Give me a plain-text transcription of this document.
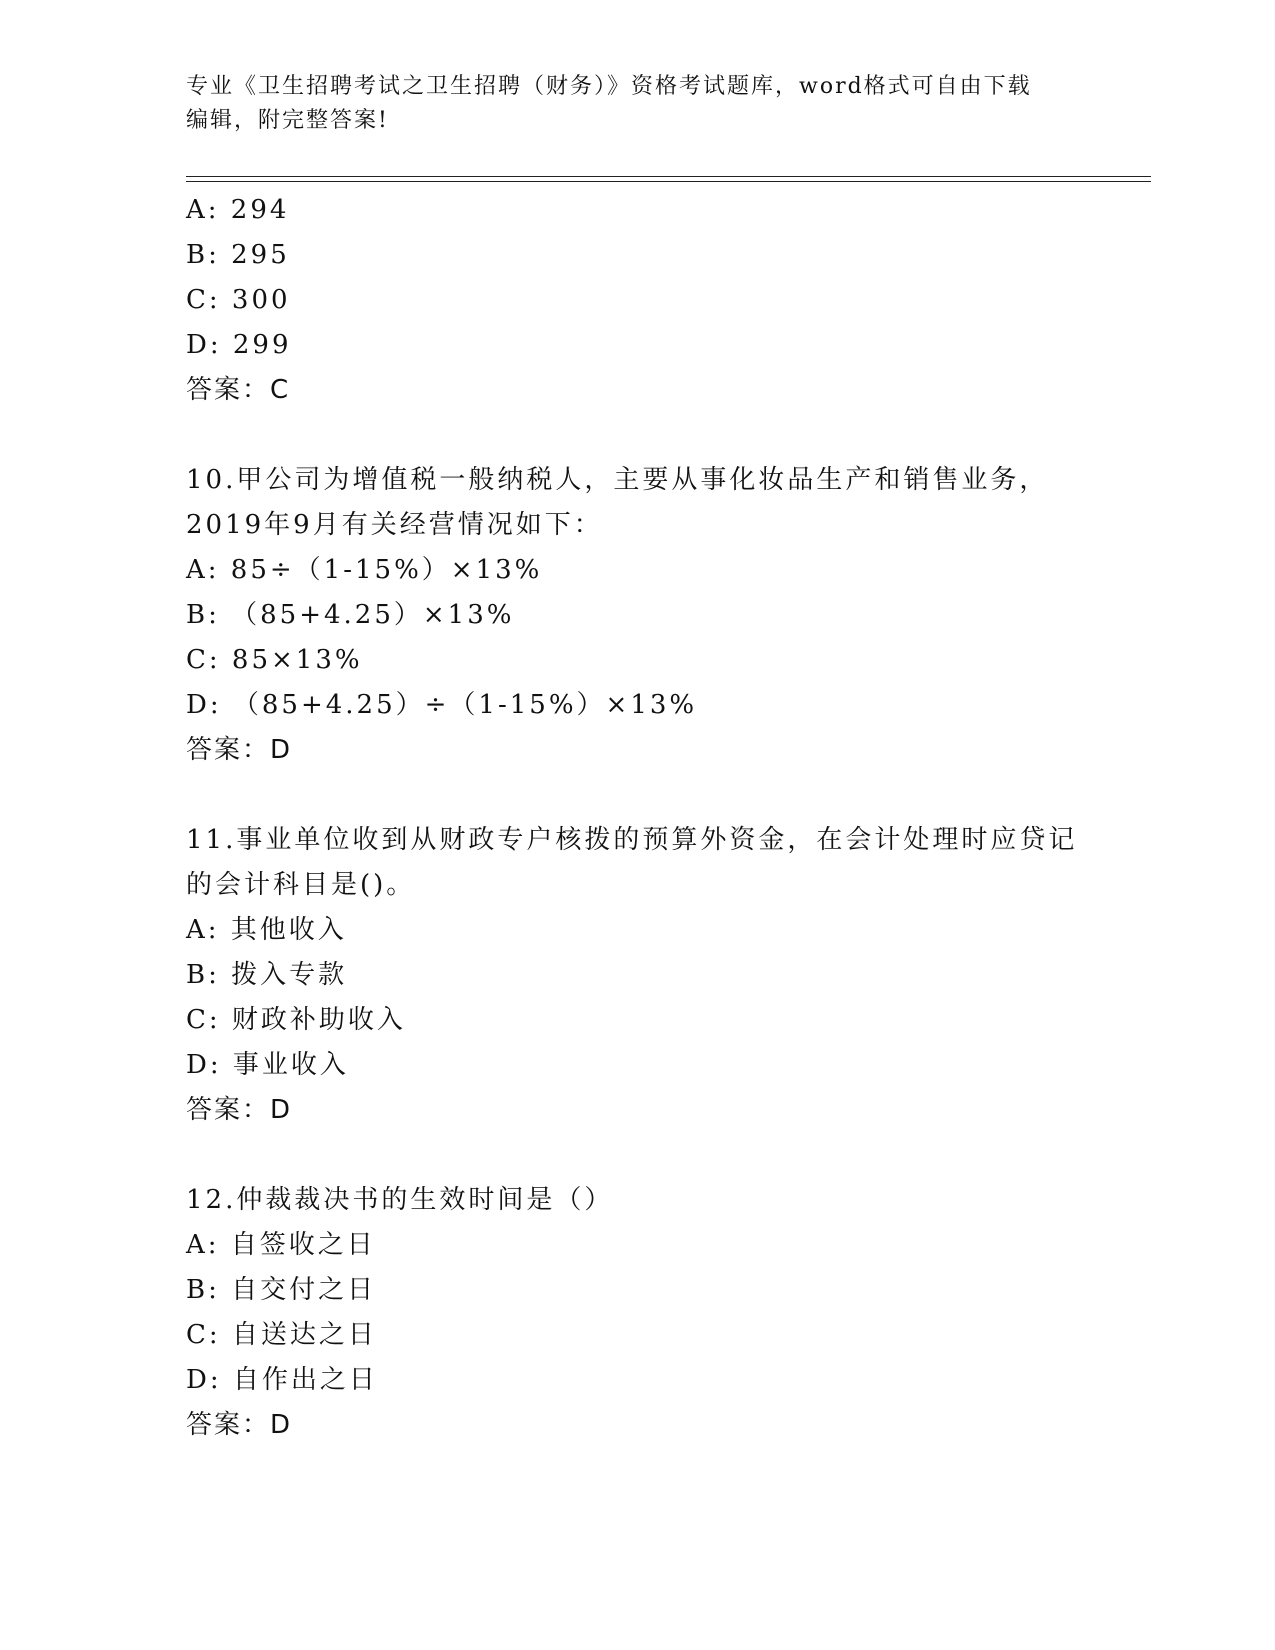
专业《卫生招聘考试之卫生招聘（财务）》资格考试题库，word格式可自由下载
编辑，附完整答案!
A: 294
B: 295
C: 300
D: 299
答案：C
10.甲公司为增值税一般纳税人，主要从事化妆品生产和销售业务，
2019年9月有关经营情况如下：
A: 85÷（1-15%）×13%
B: （85+4.25）×13%
C: 85×13%
D: （85+4.25）÷（1-15%）×13%
答案：D
11.事业单位收到从财政专户核拨的预算外资金，在会计处理时应贷记
的会计科目是()。
A: 其他收入
B: 拨入专款
C: 财政补助收入
D: 事业收入
答案：D
12.仲裁裁决书的生效时间是（）
A: 自签收之日
B: 自交付之日
C: 自送达之日
D: 自作出之日
答案：D
